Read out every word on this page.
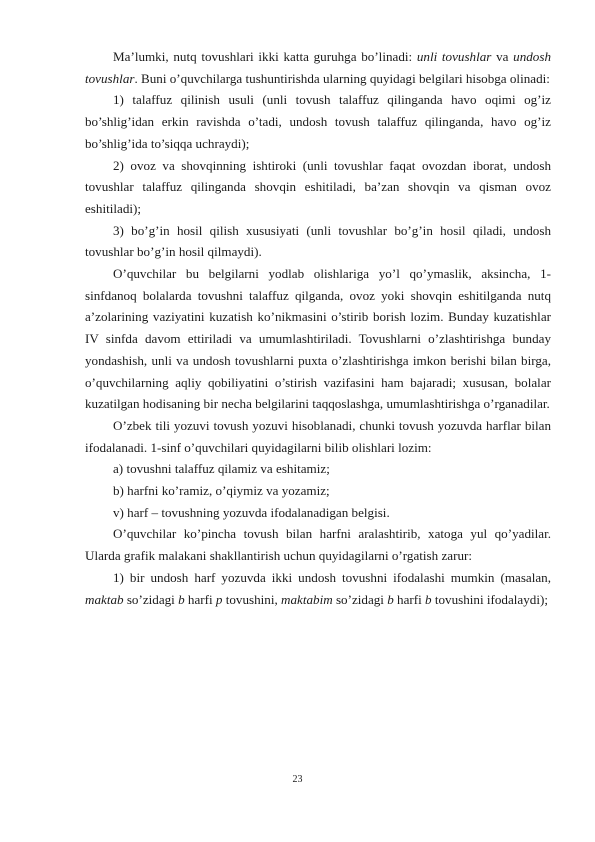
Ma’lumki, nutq tovushlari ikki katta guruhga bo’linadi: unli tovushlar va undosh tovushlar. Buni o’quvchilarga tushuntirishda ularning quyidagi belgilari hisobga olinadi:

1) talaffuz qilinish usuli (unli tovush talaffuz qilinganda havo oqimi og’iz bo’shlig’idan erkin ravishda o’tadi, undosh tovush talaffuz qilinganda, havo og’iz bo’shlig’ida to’siqqa uchraydi);

2) ovoz va shovqinning ishtiroki (unli tovushlar faqat ovozdan iborat, undosh tovushlar talaffuz qilinganda shovqin eshitiladi, ba’zan shovqin va qisman ovoz eshitiladi);

3) bo’g’in hosil qilish xususiyati (unli tovushlar bo’g’in hosil qiladi, undosh tovushlar bo’g’in hosil qilmaydi).

O’quvchilar bu belgilarni yodlab olishlariga yo’l qo’ymaslik, aksincha, 1-sinfdanoq bolalarda tovushni talaffuz qilganda, ovoz yoki shovqin eshitilganda nutq a’zolarining vaziyatini kuzatish ko’nikmasini o’stirib borish lozim. Bunday kuzatishlar IV sinfda davom ettiriladi va umumlashtiriladi. Tovushlarni o’zlashtirishga bunday yondashish, unli va undosh tovushlarni puxta o’zlashtirishga imkon berishi bilan birga, o’quvchilarning aqliy qobiliyatini o’stirish vazifasini ham bajaradi; xususan, bolalar kuzatilgan hodisaning bir necha belgilarini taqqoslashga, umumlashtirishga o’rganadilar.

O’zbek tili yozuvi tovush yozuvi hisoblanadi, chunki tovush yozuvda harflar bilan ifodalanadi. 1-sinf o’quvchilari quyidagilarni bilib olishlari lozim:

a) tovushni talaffuz qilamiz va eshitamiz;

b) harfni ko’ramiz, o’qiymiz va yozamiz;

v) harf – tovushning yozuvda ifodalanadigan belgisi.

O’quvchilar ko’pincha tovush bilan harfni aralashtirib, xatoga yul qo’yadilar. Ularda grafik malakani shakllantirish uchun quyidagilarni o’rgatish zarur:

1) bir undosh harf yozuvda ikki undosh tovushni ifodalashi mumkin (masalan, maktab so’zidagi b harfi p tovushini, maktabim so’zidagi b harfi b tovushini ifodalaydi);

23
